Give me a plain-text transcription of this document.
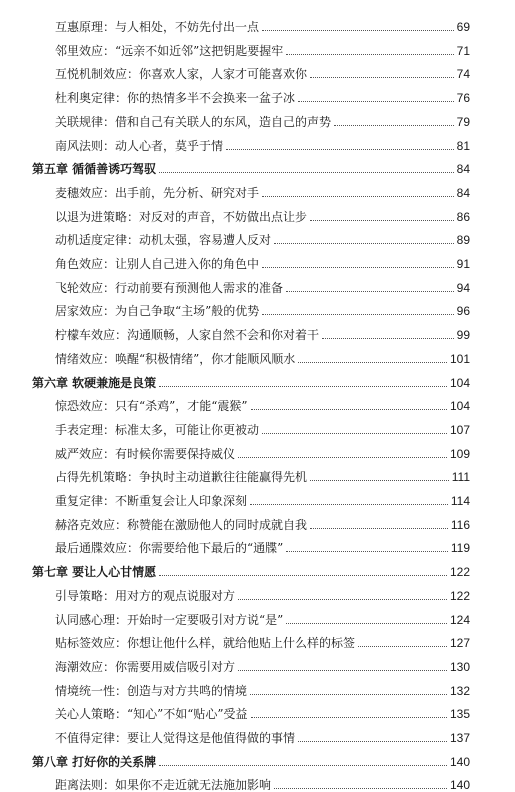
互惠原理：与人相处，不妨先付出一点	69
邻里效应：“远亲不如近邻”这把钥匙要握牢	71
互悦机制效应：你喜欢人家，人家才可能喜欢你	74
杜利奥定律：你的热情多半不会换来一盆子冰	76
关联规律：借和自己有关联人的东风，造自己的声势	79
南风法则：动人心者，莫乎于情	81
第五章 循循善诱巧驾驭	84
麦穗效应：出手前，先分析、研究对手	84
以退为进策略：对反对的声音，不妨做出点让步	86
动机适度定律：动机太强，容易遭人反对	89
角色效应：让别人自己进入你的角色中	91
飞轮效应：行动前要有预测他人需求的准备	94
居家效应：为自己争取“主场”般的优势	96
柠檬车效应：沟通顺畅，人家自然不会和你对着干	99
情绪效应：唤醒“积极情绪”，你才能顺风顺水	101
第六章 软硬兼施是良策	104
惊恐效应：只有“杀鸡”，才能“震猴”	104
手表定理：标准太多，可能让你更被动	107
威严效应：有时候你需要保持威仪	109
占得先机策略：争执时主动道歉往往能赢得先机	111
重复定律：不断重复会让人印象深刻	114
赫洛克效应：称赞能在激励他人的同时成就自我	116
最后通牒效应：你需要给他下最后的“通牒”	119
第七章 要让人心甘情愿	122
引导策略：用对方的观点说服对方	122
认同感心理：开始时一定要吸引对方说“是”	124
贴标签效应：你想让他什么样，就给他贴上什么样的标签	127
海潮效应：你需要用威信吸引对方	130
情境统一性：创造与对方共鸣的情境	132
关心人策略：“知心”不如“贴心”受益	135
不值得定律：要让人觉得这是他值得做的事情	137
第八章 打好你的关系牌	140
距离法则：如果你不走近就无法施加影响	140
